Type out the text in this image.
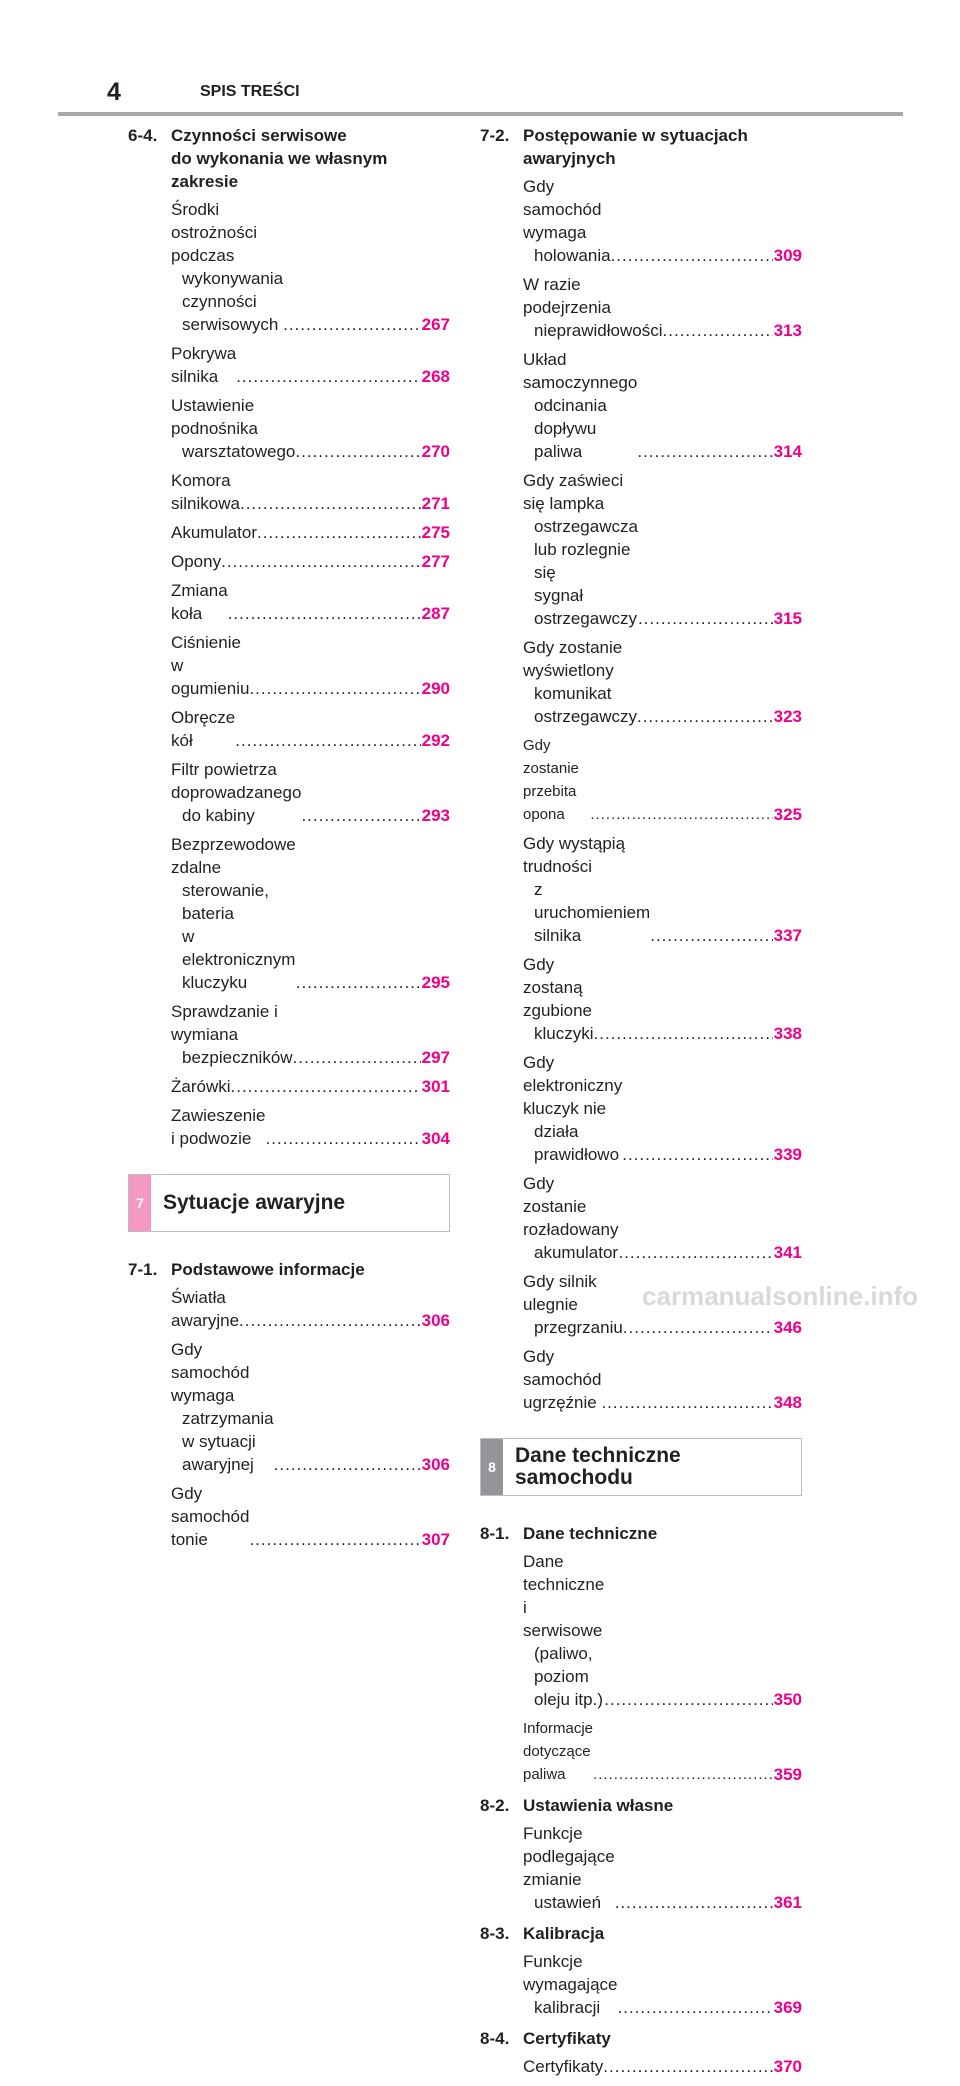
4	SPIS TREŚCI
6-4. Czynności serwisowe
do wykonania we własnym
zakresie
Środki ostrożności podczas
wykonywania czynności
serwisowych .....	267
Pokrywa silnika .....	268
Ustawienie podnośnika
warsztatowego .....	270
Komora silnikowa .....	271
Akumulator .....	275
Opony .....	277
Zmiana koła .....	287
Ciśnienie w ogumieniu .....	290
Obręcze kół .....	292
Filtr powietrza doprowadzanego
do kabiny .....	293
Bezprzewodowe zdalne
sterowanie, bateria
w elektronicznym kluczyku .....	295
Sprawdzanie i wymiana
bezpieczników .....	297
Żarówki .....	301
Zawieszenie i podwozie .....	304
7 Sytuacje awaryjne
7-1. Podstawowe informacje
Światła awaryjne .....	306
Gdy samochód wymaga
zatrzymania w sytuacji
awaryjnej .....	306
Gdy samochód tonie .....	307
7-2. Postępowanie w sytuacjach
awaryjnych
Gdy samochód wymaga
holowania .....	309
W razie podejrzenia
nieprawidłowości .....	313
Układ samoczynnego
odcinania dopływu paliwa .....	314
Gdy zaświeci się lampka
ostrzegawcza lub rozlegnie się
sygnał ostrzegawczy .....	315
Gdy zostanie wyświetlony
komunikat ostrzegawczy .....	323
Gdy zostanie przebita opona .....	325
Gdy wystąpią trudności
z uruchomieniem silnika .....	337
Gdy zostaną zgubione
kluczyki .....	338
Gdy elektroniczny kluczyk nie
działa prawidłowo .....	339
Gdy zostanie rozładowany
akumulator .....	341
Gdy silnik ulegnie
przegrzaniu .....	346
Gdy samochód ugrzęźnie .....	348
8 Dane techniczne
samochodu
8-1. Dane techniczne
Dane techniczne i serwisowe
(paliwo, poziom oleju itp.) .....	350
Informacje dotyczące paliwa .....	359
8-2. Ustawienia własne
Funkcje podlegające zmianie
ustawień .....	361
8-3. Kalibracja
Funkcje wymagające
kalibracji .....	369
8-4. Certyfikaty
Certyfikaty .....	370
carmanualsonline.info
